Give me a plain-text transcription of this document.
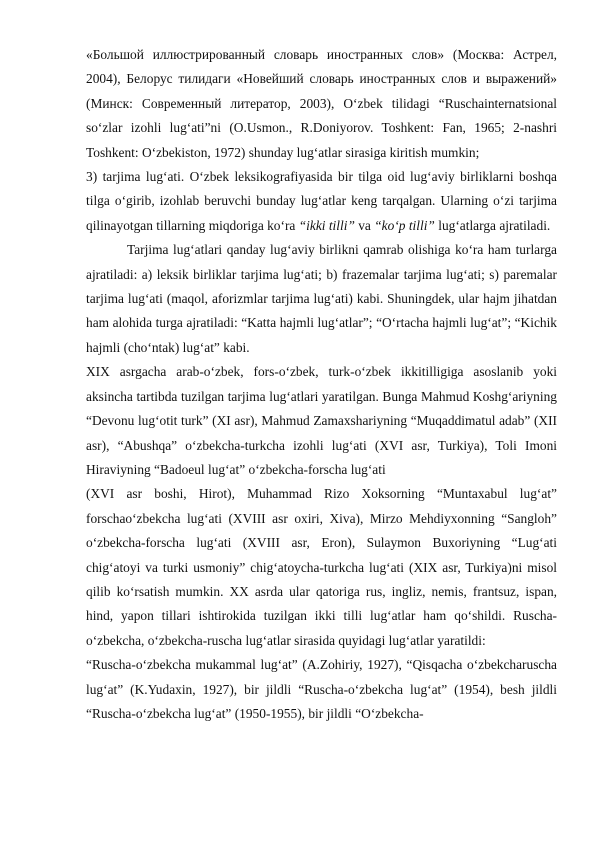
«Большой иллюстрированный словарь иностранных слов» (Москва: Астрел, 2004), Белорус тилидаги «Новейший словарь иностранных слов и выражений» (Минск: Современный литератор, 2003), O‘zbek tilidagi “Ruschainternatsional so‘zlar izohli lug‘ati”ni (O.Usmon., R.Doniyorov. Toshkent: Fan, 1965; 2-nashri Toshkent: O‘zbekiston, 1972) shunday lug‘atlar sirasiga kiritish mumkin;

3) tarjima lug‘ati. O‘zbek leksikografiyasida bir tilga oid lug‘aviy birliklarni boshqa tilga o‘girib, izohlab beruvchi bunday lug‘atlar keng tarqalgan. Ularning o‘zi tarjima qilinayotgan tillarning miqdoriga ko‘ra “ikki tilli” va “ko‘p tilli” lug‘atlarga ajratiladi.

Tarjima lug‘atlari qanday lug‘aviy birlikni qamrab olishiga ko‘ra ham turlarga ajratiladi: a) leksik birliklar tarjima lug‘ati; b) frazemalar tarjima lug‘ati; s) paremalar tarjima lug‘ati (maqol, aforizmlar tarjima lug‘ati) kabi. Shuningdek, ular hajm jihatdan ham alohida turga ajratiladi: “Katta hajmli lug‘atlar”; “O‘rtacha hajmli lug‘at”; “Kichik hajmli (cho‘ntak) lug‘at” kabi.

XIX asrgacha arab-o‘zbek, fors-o‘zbek, turk-o‘zbek ikkitilligiga asoslanib yoki aksincha tartibda tuzilgan tarjima lug‘atlari yaratilgan. Bunga Mahmud Koshg‘ariyning “Devonu lug‘otit turk” (XI asr), Mahmud Zamaxshariyning “Muqaddimatul adab” (XII asr), “Abushqa” o‘zbekcha-turkcha izohli lug‘ati (XVI asr, Turkiya), Toli Imoni Hiraviyning “Badoeul lug‘at” o‘zbekcha-forscha lug‘ati

(XVI asr boshi, Hirot), Muhammad Rizo Xoksorning “Muntaxabul lug‘at” forschao‘zbekcha lug‘ati (XVIII asr oxiri, Xiva), Mirzo Mehdiyxonning “Sangloh” o‘zbekcha-forscha lug‘ati (XVIII asr, Eron), Sulaymon Buxoriyning “Lug‘ati chig‘atoyi va turki usmoniy” chig‘atoycha-turkcha lug‘ati (XIX asr, Turkiya)ni misol qilib ko‘rsatish mumkin. XX asrda ular qatoriga rus, ingliz, nemis, frantsuz, ispan, hind, yapon tillari ishtirokida tuzilgan ikki tilli lug‘atlar ham qo‘shildi. Ruscha-o‘zbekcha, o‘zbekcha-ruscha lug‘atlar sirasida quyidagi lug‘atlar yaratildi:

“Ruscha-o‘zbekcha mukammal lug‘at” (A.Zohiriy, 1927), “Qisqacha o‘zbekcharuscha lug‘at” (K.Yudaxin, 1927), bir jildli “Ruscha-o‘zbekcha lug‘at” (1954), besh jildli “Ruscha-o‘zbekcha lug‘at” (1950-1955), bir jildli “O‘zbekcha-
